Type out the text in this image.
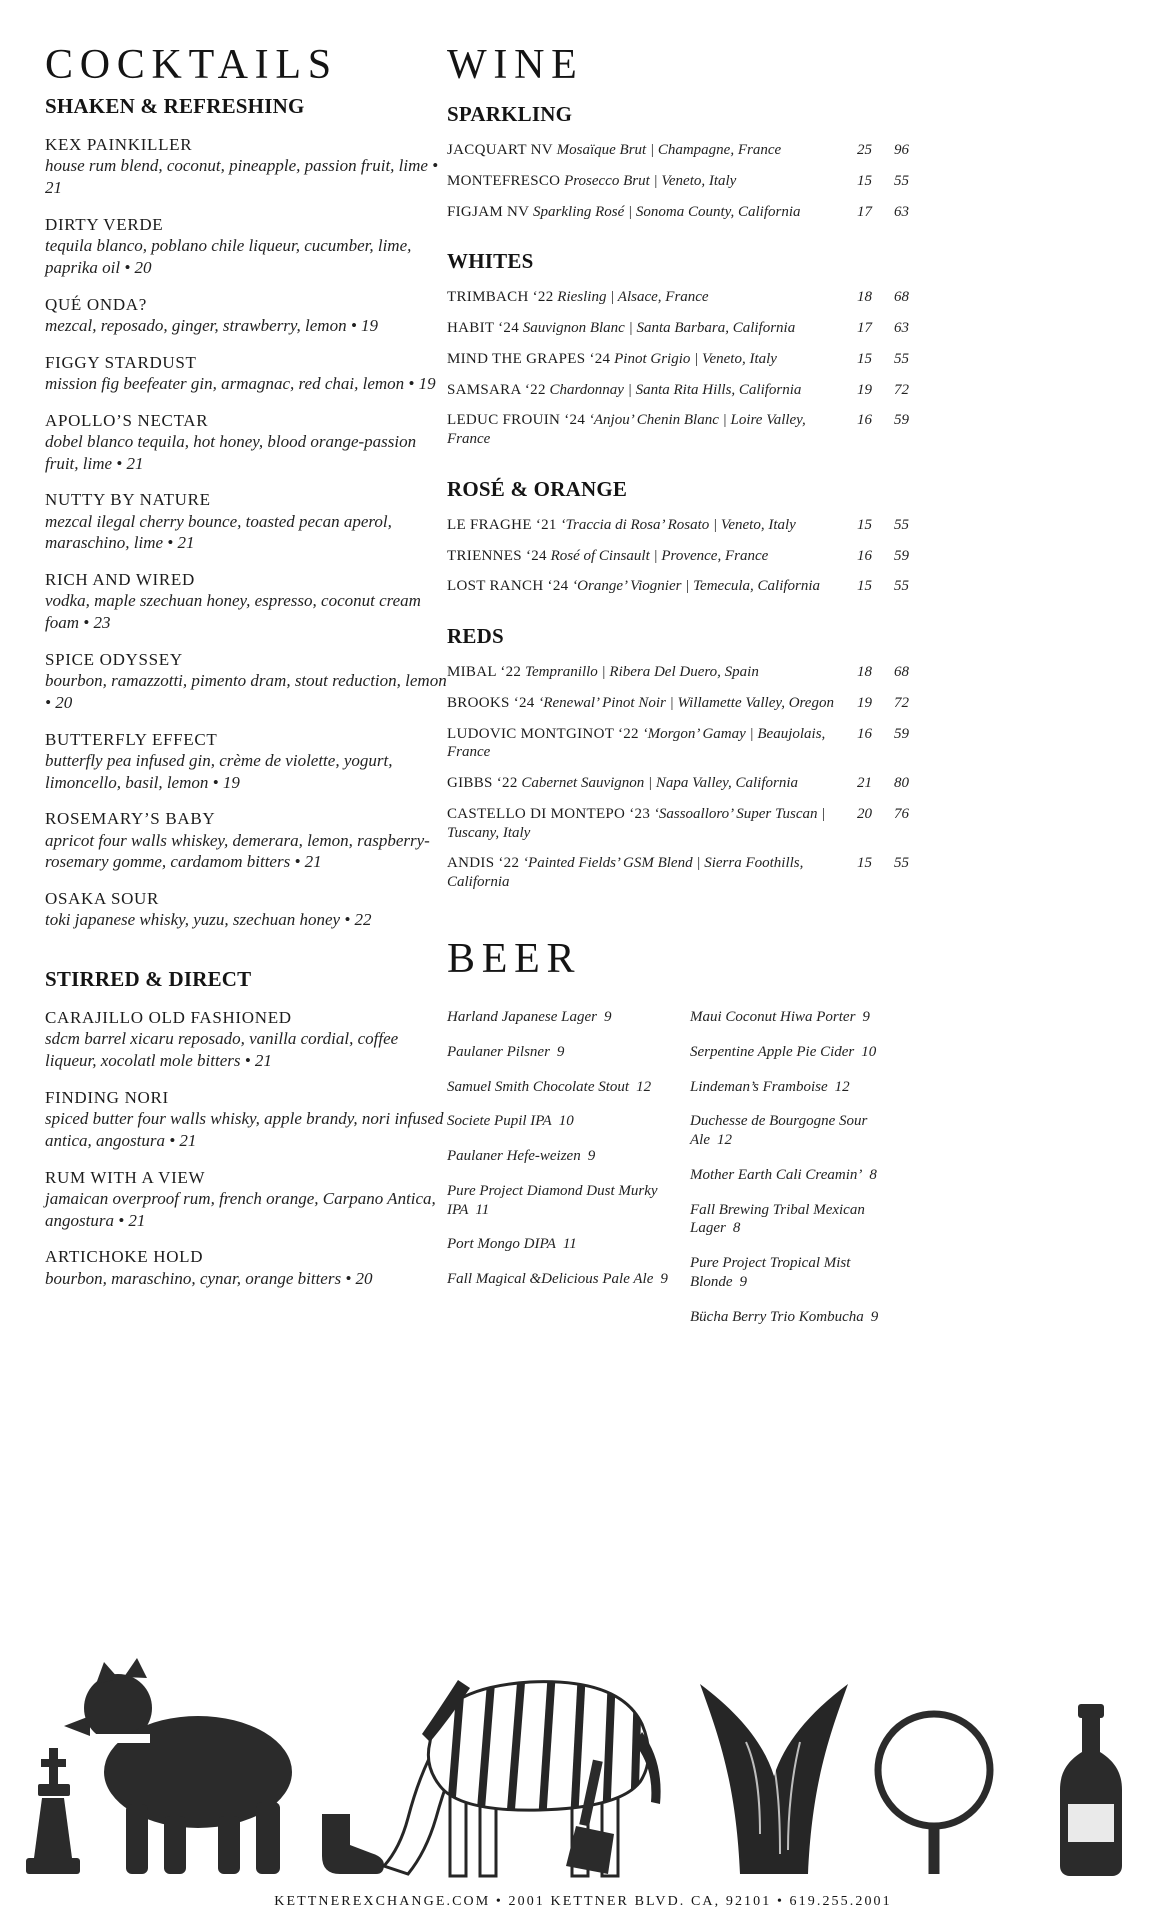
COCKTAILS
SHAKEN & REFRESHING
KEX PAINKILLER
house rum blend, coconut, pineapple, passion fruit, lime • 21
DIRTY VERDE
tequila blanco, poblano chile liqueur, cucumber, lime, paprika oil • 20
QUÉ ONDA?
mezcal, reposado, ginger, strawberry, lemon • 19
FIGGY STARDUST
mission fig beefeater gin, armagnac, red chai, lemon • 19
APOLLO’S NECTAR
dobel blanco tequila, hot honey, blood orange-passion fruit, lime • 21
NUTTY BY NATURE
mezcal ilegal cherry bounce, toasted pecan aperol, maraschino, lime • 21
RICH AND WIRED
vodka, maple szechuan honey, espresso, coconut cream foam • 23
SPICE ODYSSEY
bourbon, ramazzotti, pimento dram, stout reduction, lemon • 20
BUTTERFLY EFFECT
butterfly pea infused gin, crème de violette, yogurt, limoncello, basil, lemon • 19
ROSEMARY’S BABY
apricot four walls whiskey, demerara, lemon, raspberry-rosemary gomme, cardamom bitters • 21
OSAKA SOUR
toki japanese whisky, yuzu, szechuan honey • 22
STIRRED & DIRECT
CARAJILLO OLD FASHIONED
sdcm barrel xicaru reposado, vanilla cordial, coffee liqueur, xocolatl mole bitters • 21
FINDING NORI
spiced butter four walls whisky, apple brandy, nori infused antica, angostura • 21
RUM WITH A VIEW
jamaican overproof rum, french orange, Carpano Antica, angostura • 21
ARTICHOKE HOLD
bourbon, maraschino, cynar, orange bitters • 20
WINE
SPARKLING
JACQUART NV Mosaïque Brut | Champagne, France	25	96
MONTEFRESCO Prosecco Brut | Veneto, Italy	15	55
FIGJAM NV Sparkling Rosé | Sonoma County, California	17	63
WHITES
TRIMBACH ‘22 Riesling | Alsace, France	18	68
HABIT ‘24 Sauvignon Blanc | Santa Barbara, California	17	63
MIND THE GRAPES ‘24 Pinot Grigio | Veneto, Italy	15	55
SAMSARA ‘22 Chardonnay | Santa Rita Hills, California	19	72
LEDUC FROUIN ‘24 ‘Anjou’ Chenin Blanc | Loire Valley, France
16	59
ROSÉ & ORANGE
LE FRAGHE ‘21 ‘Traccia di Rosa’ Rosato | Veneto, Italy	15	55
TRIENNES ‘24 Rosé of Cinsault | Provence, France	16	59
LOST RANCH ‘24 ‘Orange’ Viognier | Temecula, California	15	55
REDS
MIBAL ‘22 Tempranillo | Ribera Del Duero, Spain	18	68
BROOKS ‘24 ‘Renewal’ Pinot Noir | Willamette Valley, Oregon	19	72
LUDOVIC MONTGINOT ‘22 ‘Morgon’ Gamay | Beaujolais, France
16	59
GIBBS ‘22 Cabernet Sauvignon | Napa Valley, California	21	80
CASTELLO DI MONTEPO ‘23 ‘Sassoalloro’ Super Tuscan | Tuscany, Italy
20	76
ANDIS ‘22 ‘Painted Fields’ GSM Blend | Sierra Foothills, California
15	55
BEER
Harland Japanese Lager 9
Paulaner Pilsner 9
Samuel Smith Chocolate Stout 12
Societe Pupil IPA 10
Paulaner Hefe-weizen 9
Pure Project Diamond Dust Murky IPA 11
Port Mongo DIPA 11
Fall Magical &Delicious Pale Ale 9
Maui Coconut Hiwa Porter 9
Serpentine Apple Pie Cider 10
Lindeman’s Framboise 12
Duchesse de Bourgogne Sour Ale 12
Mother Earth Cali Creamin’ 8
Fall Brewing Tribal Mexican Lager 8
Pure Project Tropical Mist Blonde 9
Bücha Berry Trio Kombucha 9
KETTNEREXCHANGE.COM • 2001 KETTNER BLVD. CA, 92101 • 619.255.2001
